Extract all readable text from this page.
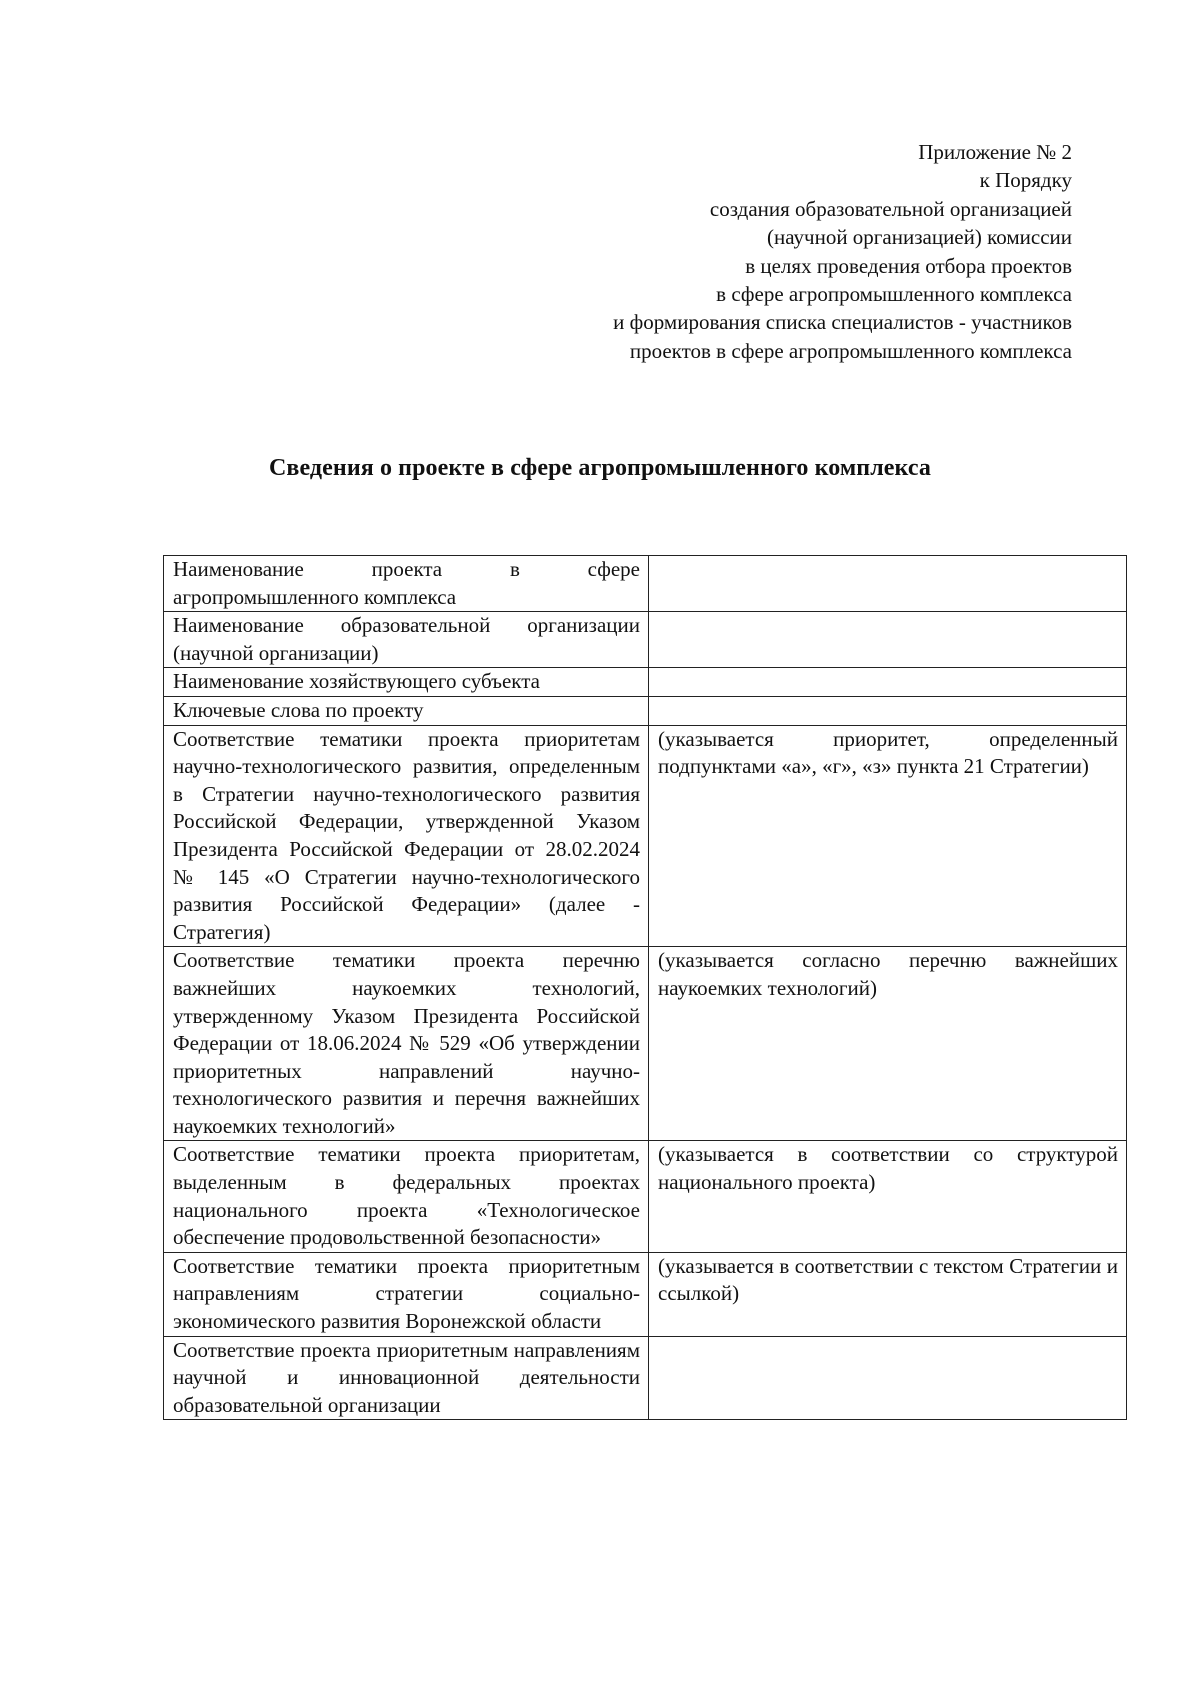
Приложение № 2
к Порядку
создания образовательной организацией
(научной организацией) комиссии
в целях проведения отбора проектов
в сфере агропромышленного комплекса
и формирования списка специалистов - участников
проектов в сфере агропромышленного комплекса
Сведения о проекте в сфере агропромышленного комплекса
Наименование проекта в сфере агропромышленного комплекса	

Наименование образовательной организации (научной организации)	

Наименование хозяйствующего субъекта	

Ключевые слова по проекту	

Соответствие тематики проекта приоритетам научно-технологического развития, определенным в Стратегии научно-технологического развития Российской Федерации, утвержденной Указом Президента Российской Федерации от 28.02.2024 № 145 «О Стратегии научно-технологического развития Российской Федерации» (далее - Стратегия)	(указывается приоритет, определенный подпунктами «а», «г», «з» пункта 21 Стратегии)

Соответствие тематики проекта перечню важнейших наукоемких технологий, утвержденному Указом Президента Российской Федерации от 18.06.2024 № 529 «Об утверждении приоритетных направлений научно-технологического развития и перечня важнейших наукоемких технологий»	(указывается согласно перечню важнейших наукоемких технологий)

Соответствие тематики проекта приоритетам, выделенным в федеральных проектах национального проекта «Технологическое обеспечение продовольственной безопасности»	(указывается в соответствии со структурой национального проекта)

Соответствие тематики проекта приоритетным направлениям стратегии социально-экономического развития Воронежской области	(указывается в соответствии с текстом Стратегии и ссылкой)

Соответствие проекта приоритетным направлениям научной и инновационной деятельности образовательной организации	
